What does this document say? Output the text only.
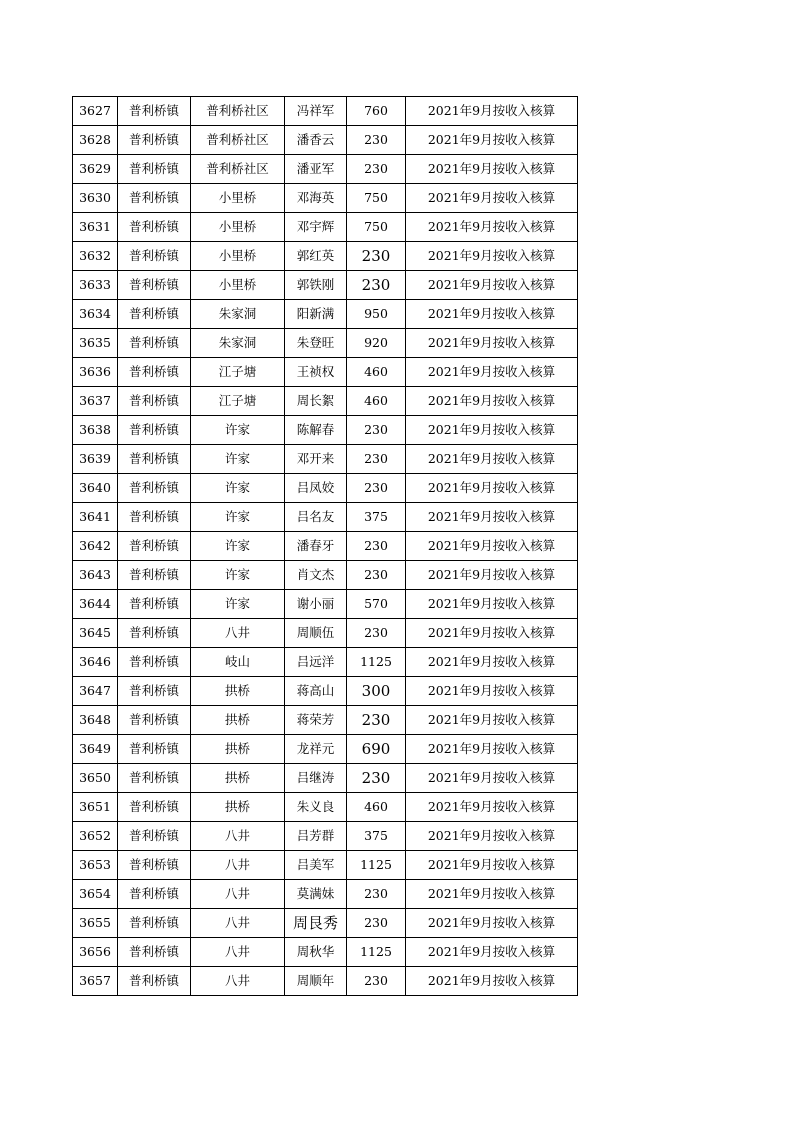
3627	普利桥镇	普利桥社区	冯祥军	760	2021年9月按收入核算
3628	普利桥镇	普利桥社区	潘香云	230	2021年9月按收入核算
3629	普利桥镇	普利桥社区	潘亚军	230	2021年9月按收入核算
3630	普利桥镇	小里桥	邓海英	750	2021年9月按收入核算
3631	普利桥镇	小里桥	邓宇辉	750	2021年9月按收入核算
3632	普利桥镇	小里桥	郭红英	230	2021年9月按收入核算
3633	普利桥镇	小里桥	郭铁刚	230	2021年9月按收入核算
3634	普利桥镇	朱家洞	阳新满	950	2021年9月按收入核算
3635	普利桥镇	朱家洞	朱登旺	920	2021年9月按收入核算
3636	普利桥镇	江子塘	王祯权	460	2021年9月按收入核算
3637	普利桥镇	江子塘	周长絮	460	2021年9月按收入核算
3638	普利桥镇	许家	陈解春	230	2021年9月按收入核算
3639	普利桥镇	许家	邓开来	230	2021年9月按收入核算
3640	普利桥镇	许家	吕凤姣	230	2021年9月按收入核算
3641	普利桥镇	许家	吕名友	375	2021年9月按收入核算
3642	普利桥镇	许家	潘春牙	230	2021年9月按收入核算
3643	普利桥镇	许家	肖文杰	230	2021年9月按收入核算
3644	普利桥镇	许家	谢小丽	570	2021年9月按收入核算
3645	普利桥镇	八井	周顺伍	230	2021年9月按收入核算
3646	普利桥镇	岐山	吕远洋	1125	2021年9月按收入核算
3647	普利桥镇	拱桥	蒋高山	300	2021年9月按收入核算
3648	普利桥镇	拱桥	蒋荣芳	230	2021年9月按收入核算
3649	普利桥镇	拱桥	龙祥元	690	2021年9月按收入核算
3650	普利桥镇	拱桥	吕继涛	230	2021年9月按收入核算
3651	普利桥镇	拱桥	朱义良	460	2021年9月按收入核算
3652	普利桥镇	八井	吕芳群	375	2021年9月按收入核算
3653	普利桥镇	八井	吕美军	1125	2021年9月按收入核算
3654	普利桥镇	八井	莫满妹	230	2021年9月按收入核算
3655	普利桥镇	八井	周艮秀	230	2021年9月按收入核算
3656	普利桥镇	八井	周秋华	1125	2021年9月按收入核算
3657	普利桥镇	八井	周顺年	230	2021年9月按收入核算
